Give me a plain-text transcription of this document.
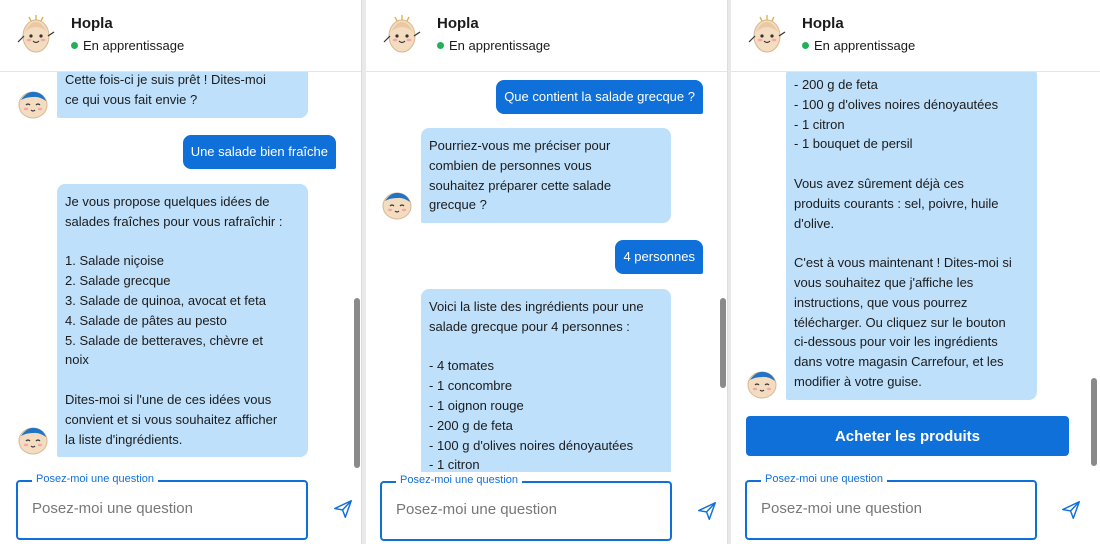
Hopla
En apprentissage
Cette fois-ci je suis prêt ! Dites-moi
ce qui vous fait envie ?
Une salade bien fraîche
Je vous propose quelques idées de
salades fraîches pour vous rafraîchir :

1. Salade niçoise
2. Salade grecque
3. Salade de quinoa, avocat et feta
4. Salade de pâtes au pesto
5. Salade de betteraves, chèvre et
noix

Dites-moi si l'une de ces idées vous
convient et si vous souhaitez afficher
la liste d'ingrédients.
Posez-moi une question
Posez-moi une question
Hopla
En apprentissage
Que contient la salade grecque ?
Pourriez-vous me préciser pour
combien de personnes vous
souhaitez préparer cette salade
grecque ?
4 personnes
Voici la liste des ingrédients pour une
salade grecque pour 4 personnes :

- 4 tomates
- 1 concombre
- 1 oignon rouge
- 200 g de feta
- 100 g d'olives noires dénoyautées
- 1 citron
Posez-moi une question
Posez-moi une question
Hopla
En apprentissage
- 200 g de feta
- 100 g d'olives noires dénoyautées
- 1 citron
- 1 bouquet de persil

Vous avez sûrement déjà ces
produits courants : sel, poivre, huile
d'olive.

C'est à vous maintenant ! Dites-moi si
vous souhaitez que j'affiche les
instructions, que vous pourrez
télécharger. Ou cliquez sur le bouton
ci-dessous pour voir les ingrédients
dans votre magasin Carrefour, et les
modifier à votre guise.
Acheter les produits
Posez-moi une question
Posez-moi une question
